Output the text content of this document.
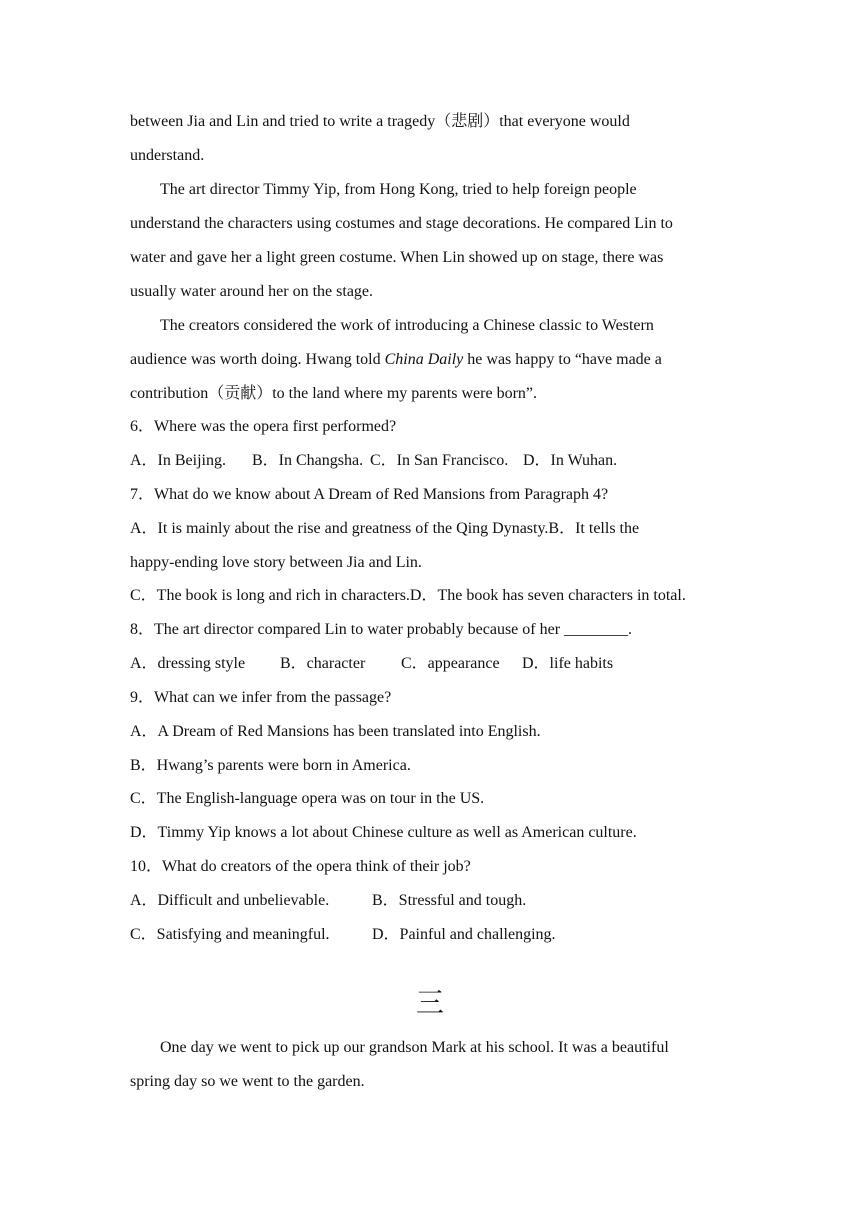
between Jia and Lin and tried to write a tragedy（悲剧）that everyone would
understand.
The art director Timmy Yip, from Hong Kong, tried to help foreign people
understand the characters using costumes and stage decorations. He compared Lin to
water and gave her a light green costume. When Lin showed up on stage, there was
usually water around her on the stage.
The creators considered the work of introducing a Chinese classic to Western
audience was worth doing. Hwang told China Daily he was happy to “have made a
contribution（贡献）to the land where my parents were born”.
6．Where was the opera first performed?
A．In Beijing. B．In Changsha. C．In San Francisco. D．In Wuhan.
7．What do we know about A Dream of Red Mansions from Paragraph 4?
A．It is mainly about the rise and greatness of the Qing Dynasty.B．It tells the
happy-ending love story between Jia and Lin.
C．The book is long and rich in characters.D．The book has seven characters in total.
8．The art director compared Lin to water probably because of her ________.
A．dressing style B．character C．appearance D．life habits
9．What can we infer from the passage?
A．A Dream of Red Mansions has been translated into English.
B．Hwang’s parents were born in America.
C．The English-language opera was on tour in the US.
D．Timmy Yip knows a lot about Chinese culture as well as American culture.
10．What do creators of the opera think of their job?
A．Difficult and unbelievable.	B．Stressful and tough.
C．Satisfying and meaningful.	D．Painful and challenging.
三
One day we went to pick up our grandson Mark at his school. It was a beautiful
spring day so we went to the garden.
